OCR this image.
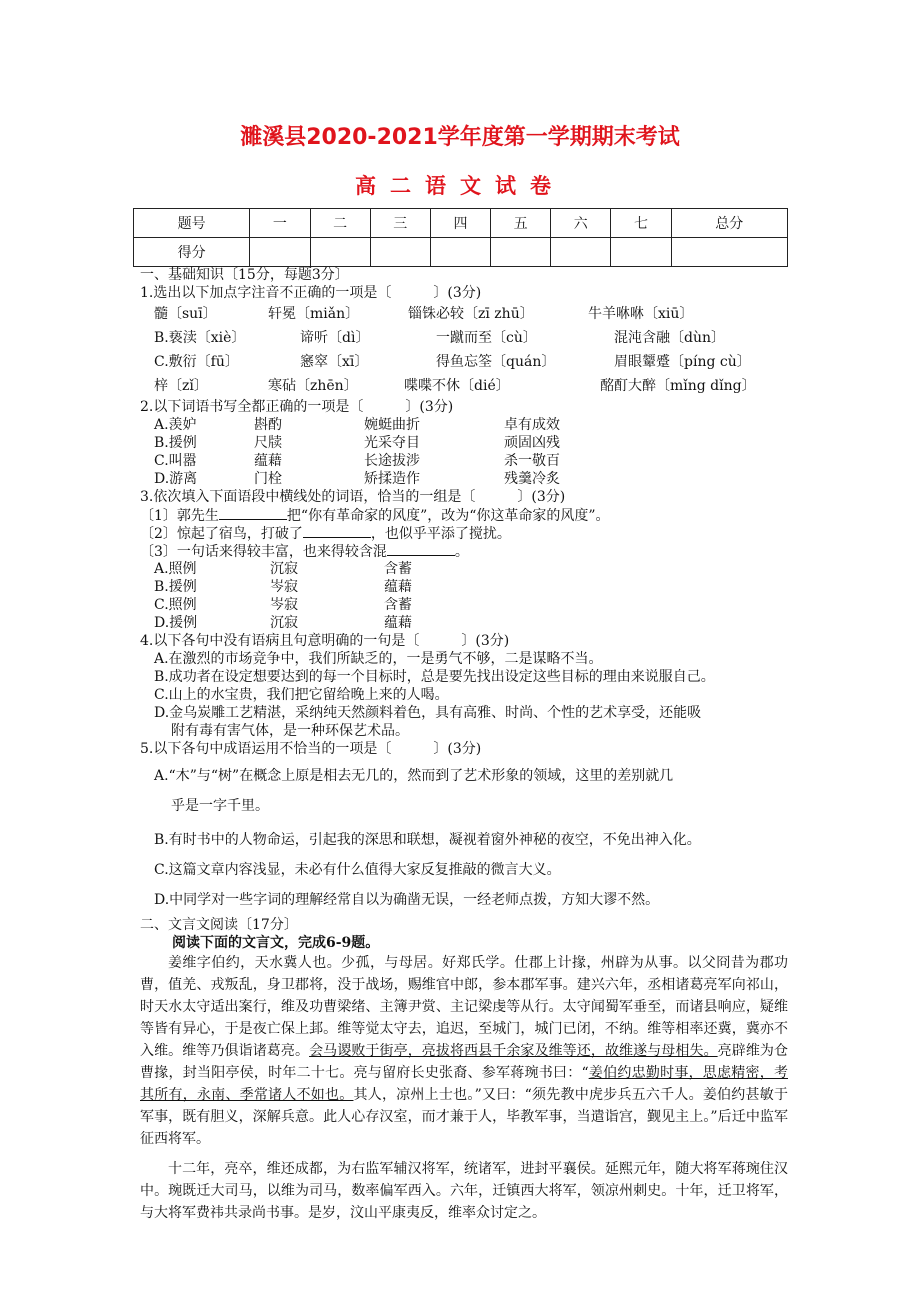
濉溪县2020-2021学年度第一学期期末考试
高二语文试卷
题号	一	二	三	四	五	六	七	总分
得分								
一、基础知识〔15分，每题3分〕
1.选出以下加点字注音不正确的一项是〔　　　〕(3分)
髓〔suī〕	轩冕〔miǎn〕	锱铢必较〔zī zhū〕	牛羊咻咻〔xiū〕
B.亵渎〔xiè〕	谛听〔dì〕	一蹴而至〔cù〕	混沌含融〔dùn〕
C.敷衍〔fū〕	窸窣〔xī〕	得鱼忘筌〔quán〕	眉眼颦蹙〔píng cù〕
梓〔zǐ〕	寒砧〔zhēn〕	喋喋不休〔dié〕	酩酊大醉〔mǐng dǐng〕
2.以下词语书写全都正确的一项是〔　　　〕(3分)
A.羡妒	斟酌	婉蜓曲折	卓有成效
B.援例	尺牍	光采夺目	顽固凶残
C.叫嚣	蕴藉	长途拔涉	杀一敬百
D.游离	门栓	矫揉造作	残羹冷炙
3.依次填入下面语段中横线处的词语，恰当的一组是〔　　　〕(3分)
〔1〕郭先生	把“你有革命家的风度”，改为“你这革命家的风度”。
〔2〕惊起了宿鸟，打破了	，也似乎平添了搅扰。
〔3〕一句话来得较丰富，也来得较含混	。
A.照例	沉寂	含蓄
B.援例	岑寂	蕴藉
C.照例	岑寂	含蓄
D.援例	沉寂	蕴藉
4.以下各句中没有语病且句意明确的一句是〔　　　〕(3分)
A.在激烈的市场竞争中，我们所缺乏的，一是勇气不够，二是谋略不当。
B.成功者在设定想要达到的每一个目标时，总是要先找出设定这些目标的理由来说服自己。
C.山上的水宝贵，我们把它留给晚上来的人喝。
D.金乌炭雕工艺精湛，采纳纯天然颜料着色，具有高雅、时尚、个性的艺术享受，还能吸
附有毒有害气体，是一种环保艺术品。
5.以下各句中成语运用不恰当的一项是〔　　　〕(3分)
A.“木”与“树”在概念上原是相去无几的，然而到了艺术形象的领域，这里的差别就几
乎是一字千里。
B.有时书中的人物命运，引起我的深思和联想，凝视着窗外神秘的夜空，不免出神入化。
C.这篇文章内容浅显，未必有什么值得大家反复推敲的微言大义。
D.中同学对一些字词的理解经常自以为确凿无误，一经老师点拨，方知大谬不然。
二、文言文阅读〔17分〕
阅读下面的文言文，完成6-9题。
姜维字伯约，天水冀人也。少孤，与母居。好郑氏学。仕郡上计掾，州辟为从事。以父冏昔为郡功曹，值羌、戎叛乱，身卫郡将，没于战场，赐维官中郎，参本郡军事。建兴六年，丞相诸葛亮军向祁山，时天水太守适出案行，维及功曹梁绪、主簿尹赏、主记梁虔等从行。太守闻蜀军垂至，而诸县响应，疑维等皆有异心，于是夜亡保上邽。维等觉太守去，追迟，至城门，城门已闭，不纳。维等相率还冀，冀亦不入维。维等乃俱诣诸葛亮。会马谡败于街亭，亮拔将西县千余家及维等还，故维遂与母相失。亮辟维为仓曹掾，封当阳亭侯，时年二十七。亮与留府长史张裔、参军蒋琬书曰：“姜伯约忠勤时事，思虑精密，考其所有，永南、季常诸人不如也。其人，凉州上士也。”又曰：“须先教中虎步兵五六千人。姜伯约甚敏于军事，既有胆义，深解兵意。此人心存汉室，而才兼于人，毕教军事，当遣诣宫，觐见主上。”后迁中监军征西将军。
十二年，亮卒，维还成都，为右监军辅汉将军，统诸军，进封平襄侯。延熙元年，随大将军蒋琬住汉中。琬既迁大司马，以维为司马，数率偏军西入。六年，迁镇西大将军，领凉州刺史。十年，迁卫将军，与大将军费祎共录尚书事。是岁，汶山平康夷反，维率众讨定之。
